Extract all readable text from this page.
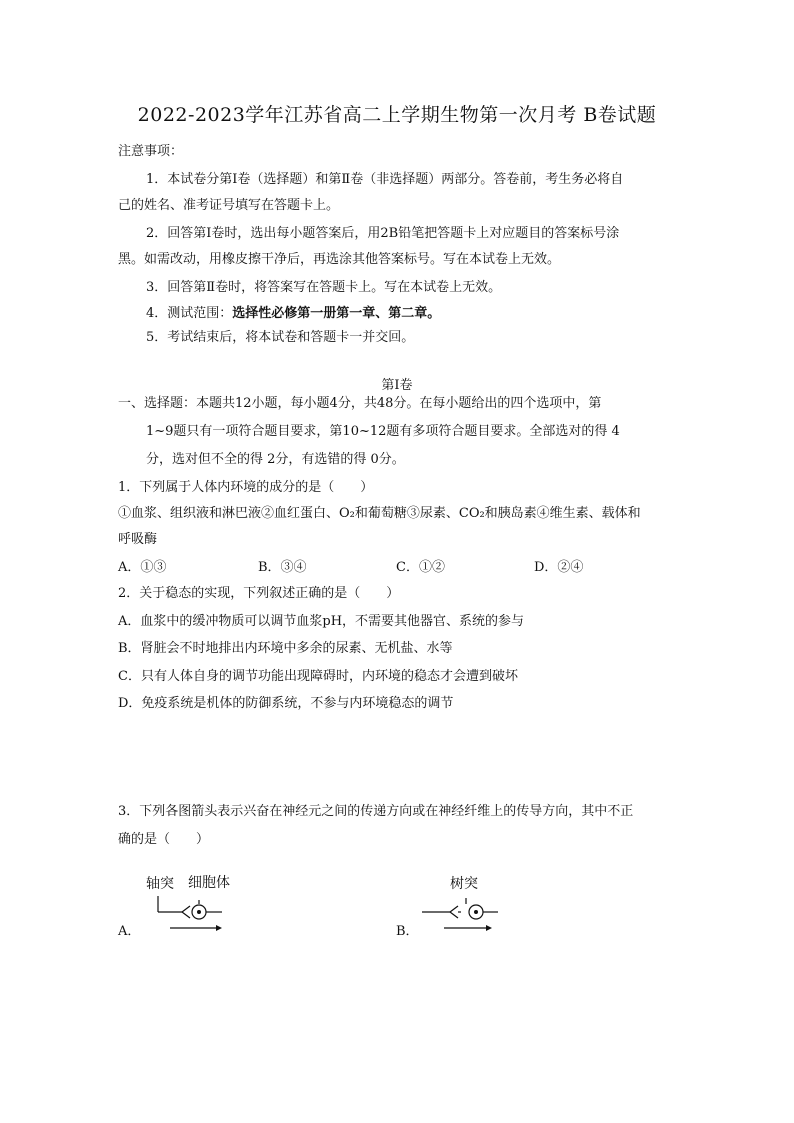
2022-2023学年江苏省高二上学期生物第一次月考 B卷试题
注意事项：
1．本试卷分第Ⅰ卷（选择题）和第Ⅱ卷（非选择题）两部分。答卷前，考生务必将自
己的姓名、准考证号填写在答题卡上。
2．回答第Ⅰ卷时，选出每小题答案后，用2B铅笔把答题卡上对应题目的答案标号涂
黑。如需改动，用橡皮擦干净后，再选涂其他答案标号。写在本试卷上无效。
3．回答第Ⅱ卷时，将答案写在答题卡上。写在本试卷上无效。
4．测试范围：选择性必修第一册第一章、第二章。
5．考试结束后，将本试卷和答题卡一并交回。
第Ⅰ卷
一、选择题：本题共12小题，每小题4分，共48分。在每小题给出的四个选项中，第
1~9题只有一项符合题目要求，第10~12题有多项符合题目要求。全部选对的得 4
分，选对但不全的得 2分，有选错的得 0分。
1．下列属于人体内环境的成分的是（　　）
①血浆、组织液和淋巴液②血红蛋白、O₂和葡萄糖③尿素、CO₂和胰岛素④维生素、载体和
呼吸酶
A．①③	B．③④	C．①②	D．②④
2．关于稳态的实现，下列叙述正确的是（　　）
A．血浆中的缓冲物质可以调节血浆pH，不需要其他器官、系统的参与
B．肾脏会不时地排出内环境中多余的尿素、无机盐、水等
C．只有人体自身的调节功能出现障碍时，内环境的稳态才会遭到破坏
D．免疫系统是机体的防御系统，不参与内环境稳态的调节
3．下列各图箭头表示兴奋在神经元之间的传递方向或在神经纤维上的传导方向，其中不正
确的是（　　）
A．
轴突 细胞体
B．
树突
